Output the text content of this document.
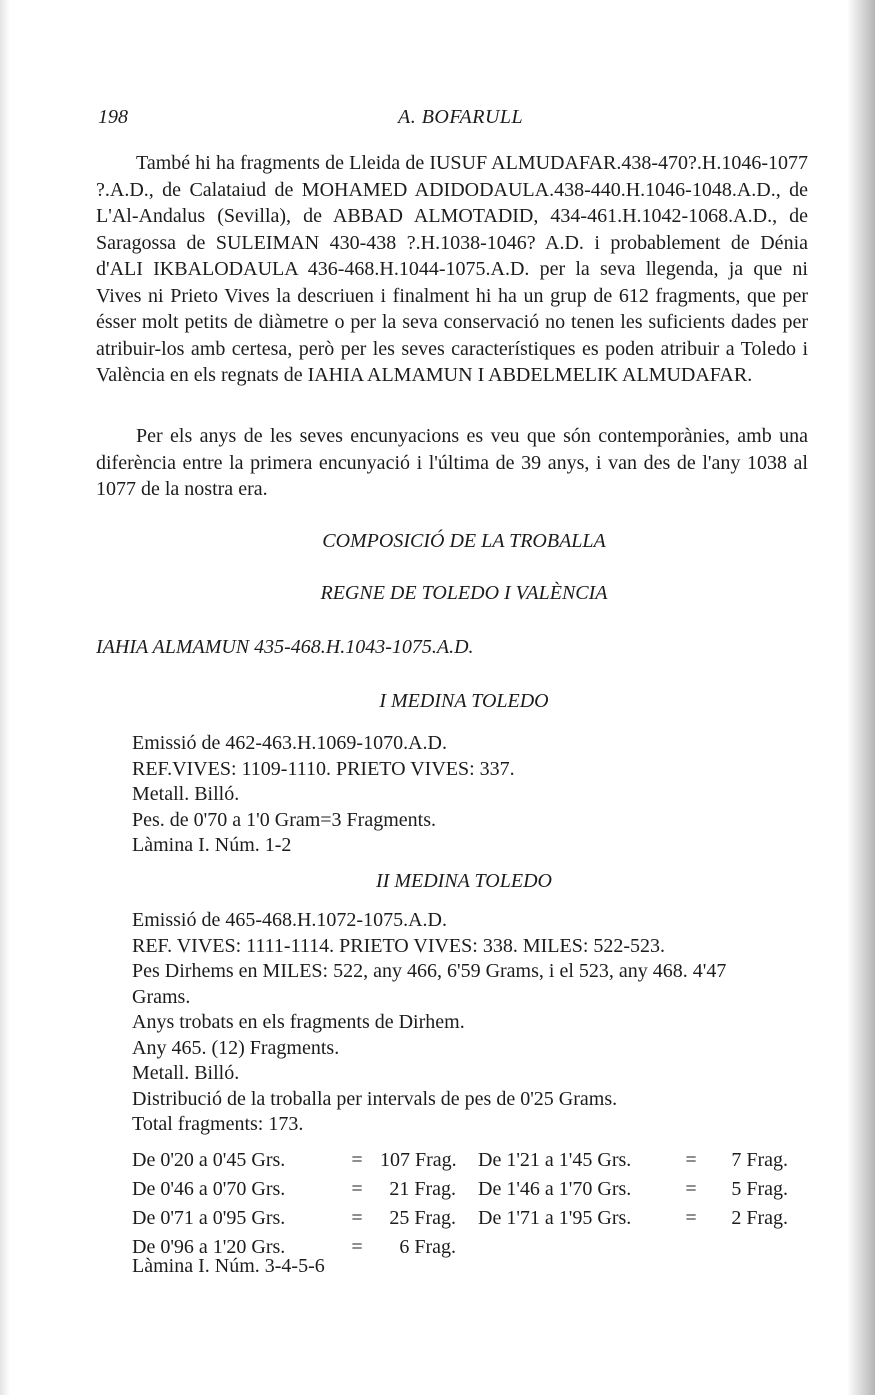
198	A. BOFARULL

També hi ha fragments de Lleida de IUSUF ALMUDAFAR.438-470?.H.1046-1077 ?.A.D., de Calataiud de MOHAMED ADIDODAULA.438-440.H.1046-1048.A.D., de L'Al-Andalus (Sevilla), de ABBAD ALMOTADID, 434-461.H.1042-1068.A.D., de Saragossa de SULEIMAN 430-438 ?.H.1038-1046? A.D. i probablement de Dénia d'ALI IKBALODAULA 436-468.H.1044-1075.A.D. per la seva llegenda, ja que ni Vives ni Prieto Vives la descriuen i finalment hi ha un grup de 612 fragments, que per ésser molt petits de diàmetre o per la seva conservació no tenen les suficients dades per atribuir-los amb certesa, però per les seves característiques es poden atribuir a Toledo i València en els regnats de IAHIA ALMAMUN I ABDELMELIK ALMUDAFAR.

Per els anys de les seves encunyacions es veu que són contemporànies, amb una diferència entre la primera encunyació i l'última de 39 anys, i van des de l'any 1038 al 1077 de la nostra era.

COMPOSICIÓ DE LA TROBALLA

REGNE DE TOLEDO I VALÈNCIA

IAHIA ALMAMUN 435-468.H.1043-1075.A.D.

I MEDINA TOLEDO

Emissió de 462-463.H.1069-1070.A.D.
REF.VIVES: 1109-1110. PRIETO VIVES: 337.
Metall. Billó.
Pes. de 0'70 a 1'0 Gram=3 Fragments.
Làmina I. Núm. 1-2

II MEDINA TOLEDO

Emissió de 465-468.H.1072-1075.A.D.
REF. VIVES: 1111-1114. PRIETO VIVES: 338. MILES: 522-523.
Pes Dirhems en MILES: 522, any 466, 6'59 Grams, i el 523, any 468. 4'47
Grams.
Anys trobats en els fragments de Dirhem.
Any 465. (12) Fragments.
Metall. Billó.
Distribució de la troballa per intervals de pes de 0'25 Grams.
Total fragments: 173.
De 0'20 a 0'45 Grs.	= 107 Frag. De 1'21 a 1'45 Grs.	=	7 Frag.
De 0'46 a 0'70 Grs.	=	21 Frag. De 1'46 a 1'70 Grs.	=	5 Frag.
De 0'71 a 0'95 Grs.	=	25 Frag. De 1'71 a 1'95 Grs.	=	2 Frag.
De 0'96 a 1'20 Grs.	=	6 Frag.
Làmina I. Núm. 3-4-5-6
